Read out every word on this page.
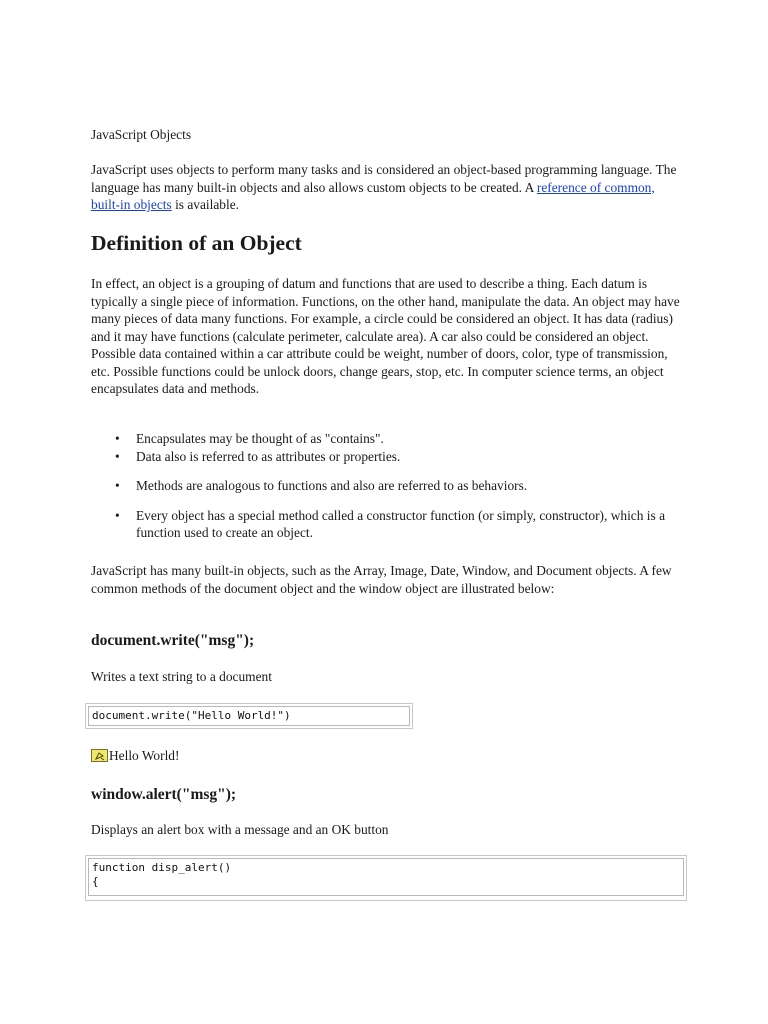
JavaScript Objects

JavaScript uses objects to perform many tasks and is considered an object-based programming language. The language has many built-in objects and also allows custom objects to be created. A reference of common, built-in objects is available.

Definition of an Object

In effect, an object is a grouping of datum and functions that are used to describe a thing. Each datum is typically a single piece of information. Functions, on the other hand, manipulate the data. An object may have many pieces of data many functions. For example, a circle could be considered an object. It has data (radius) and it may have functions (calculate perimeter, calculate area). A car also could be considered an object. Possible data contained within a car attribute could be weight, number of doors, color, type of transmission, etc. Possible functions could be unlock doors, change gears, stop, etc. In computer science terms, an object encapsulates data and methods.

• Encapsulates may be thought of as "contains".
• Data also is referred to as attributes or properties.
• Methods are analogous to functions and also are referred to as behaviors.
• Every object has a special method called a constructor function (or simply, constructor), which is a function used to create an object.

JavaScript has many built-in objects, such as the Array, Image, Date, Window, and Document objects. A few common methods of the document object and the window object are illustrated below:

document.write("msg");

Writes a text string to a document

document.write("Hello World!")
Hello World!
window.alert("msg");

Displays an alert box with a message and an OK button

function disp_alert()
{
